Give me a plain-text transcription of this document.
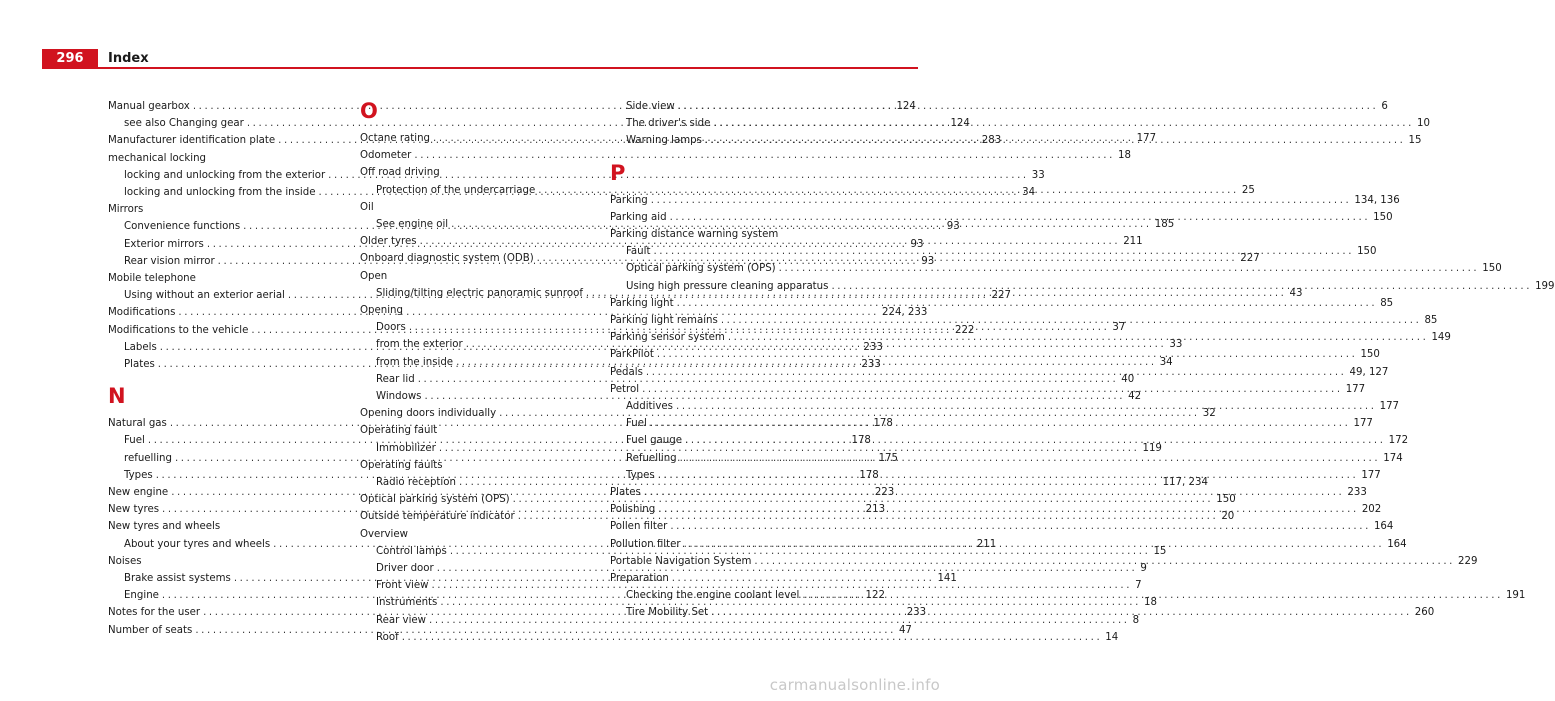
296	Index
Manual gearbox .....	124
see also Changing gear .....	124
Manufacturer identification plate .....	283
mechanical locking
locking and unlocking from the exterior .....	33
locking and unlocking from the inside .....	34
Mirrors
Convenience functions .....	93
Exterior mirrors .....	93
Rear vision mirror .....	93
Mobile telephone
Using without an exterior aerial .....	227
Modifications .....	224, 233
Modifications to the vehicle .....	222
Labels .....	233
Plates .....	233
N
Natural gas .....	178
Fuel .....	178
refuelling .....	175
Types .....	178
New engine .....	223
New tyres .....	213
New tyres and wheels
About your tyres and wheels .....	211
Noises
Brake assist systems .....	141
Engine .....	122
Notes for the user .....	233
Number of seats .....	47
O
Octane rating .....	177
Odometer .....	18
Off road driving
Protection of the undercarriage .....	25
Oil
See engine oil .....	185
Older tyres .....	211
Onboard diagnostic system (ODB) .....	227
Open
Sliding/tilting electric panoramic sunroof .....	43
Opening
Doors .....	37
from the exterior .....	33
from the inside .....	34
Rear lid .....	40
Windows .....	42
Opening doors individually .....	32
Operating fault
Immobilizer .....	119
Operating faults
Radio reception .....	117, 234
Optical parking system (OPS) .....	150
Outside temperature indicator .....	20
Overview
Control lamps .....	15
Driver door .....	9
Front view .....	7
Instruments .....	18
Rear view .....	8
Roof .....	14
Side view .....	6
The driver's side .....	10
Warning lamps .....	15
P
Parking .....	134, 136
Parking aid .....	150
Parking distance warning system
Fault .....	150
Optical parking system (OPS) .....	150
Using high pressure cleaning apparatus .....	199
Parking light .....	85
Parking light remains .....	85
Parking sensor system .....	149
ParkPilot .....	150
Pedals .....	49, 127
Petrol .....	177
Additives .....	177
Fuel .....	177
Fuel gauge .....	172
Refuelling .....	174
Types .....	177
Plates .....	233
Polishing .....	202
Pollen filter .....	164
Pollution filter .....	164
Portable Navigation System .....	229
Preparation
Checking the engine coolant level .....	191
Tire Mobility Set .....	260
carmanualsonline.info
